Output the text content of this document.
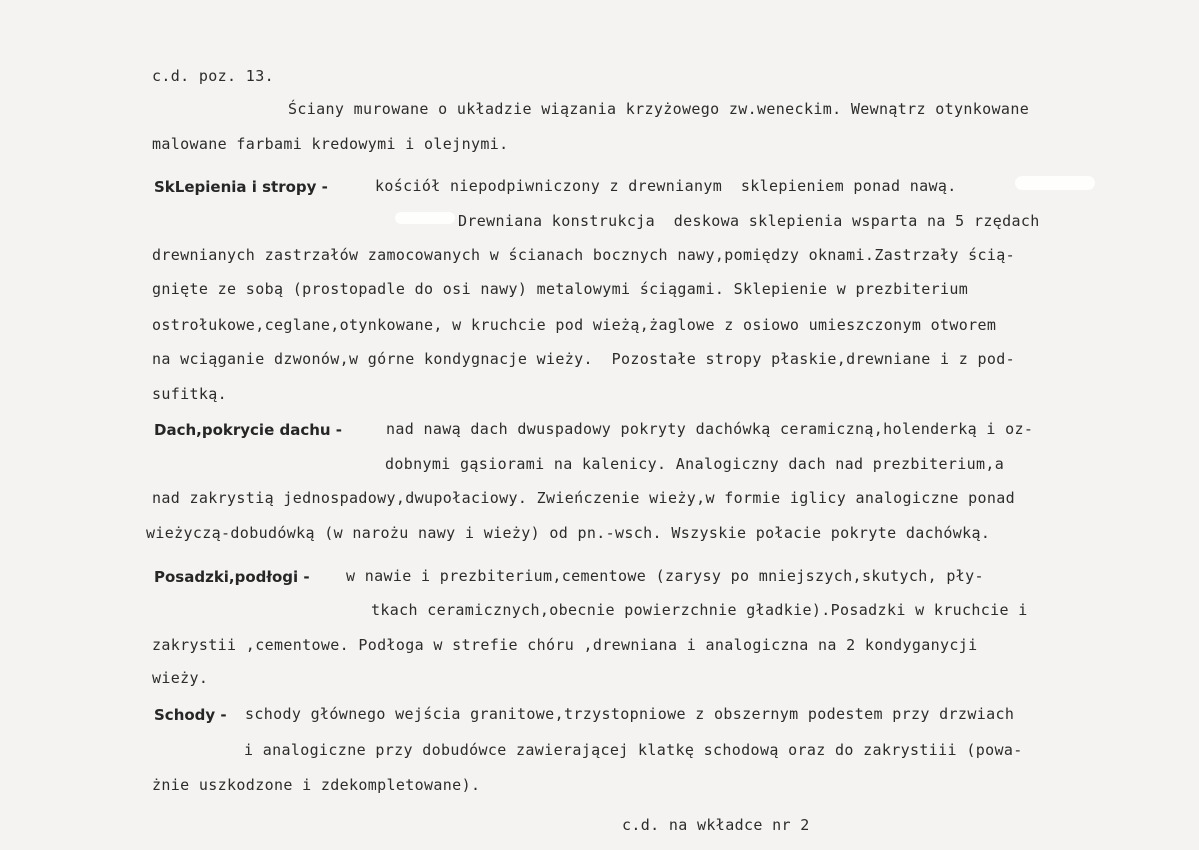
c.d. poz. 13.
Ściany murowane o układzie wiązania krzyżowego zw.weneckim. Wewnątrz otynkowane
malowane farbami kredowymi i olejnymi.
SkLepienia i stropy -	kościół niepodpiwniczony z drewnianym  sklepieniem ponad nawą.
Drewniana konstrukcja  deskowa sklepienia wsparta na 5 rzędach
drewnianych zastrzałów zamocowanych w ścianach bocznych nawy,pomiędzy oknami.Zastrzały ścią-
gnięte ze sobą (prostopadle do osi nawy) metalowymi ściągami. Sklepienie w prezbiterium
ostrołukowe,ceglane,otynkowane, w kruchcie pod wieżą,żaglowe z osiowo umieszczonym otworem
na wciąganie dzwonów,w górne kondygnacje wieży.  Pozostałe stropy płaskie,drewniane i z pod-
sufitką.
Dach,pokrycie dachu -	nad nawą dach dwuspadowy pokryty dachówką ceramiczną,holenderką i oz-
dobnymi gąsiorami na kalenicy. Analogiczny dach nad prezbiterium,a
nad zakrystią jednospadowy,dwupołaciowy. Zwieńczenie wieży,w formie iglicy analogiczne ponad
wieżyczą-dobudówką (w narożu nawy i wieży) od pn.-wsch. Wszyskie połacie pokryte dachówką.
Posadzki,podłogi - w nawie i prezbiterium,cementowe (zarysy po mniejszych,skutych, pły-
tkach ceramicznych,obecnie powierzchnie gładkie).Posadzki w kruchcie i
zakrystii ,cementowe. Podłoga w strefie chóru ,drewniana i analogiczna na 2 kondyganycji
wieży.
Schody - schody głównego wejścia granitowe,trzystopniowe z obszernym podestem przy drzwiach
i analogiczne przy dobudówce zawierającej klatkę schodową oraz do zakrystiii (powa-
żnie uszkodzone i zdekompletowane).
c.d. na wkładce nr 2
